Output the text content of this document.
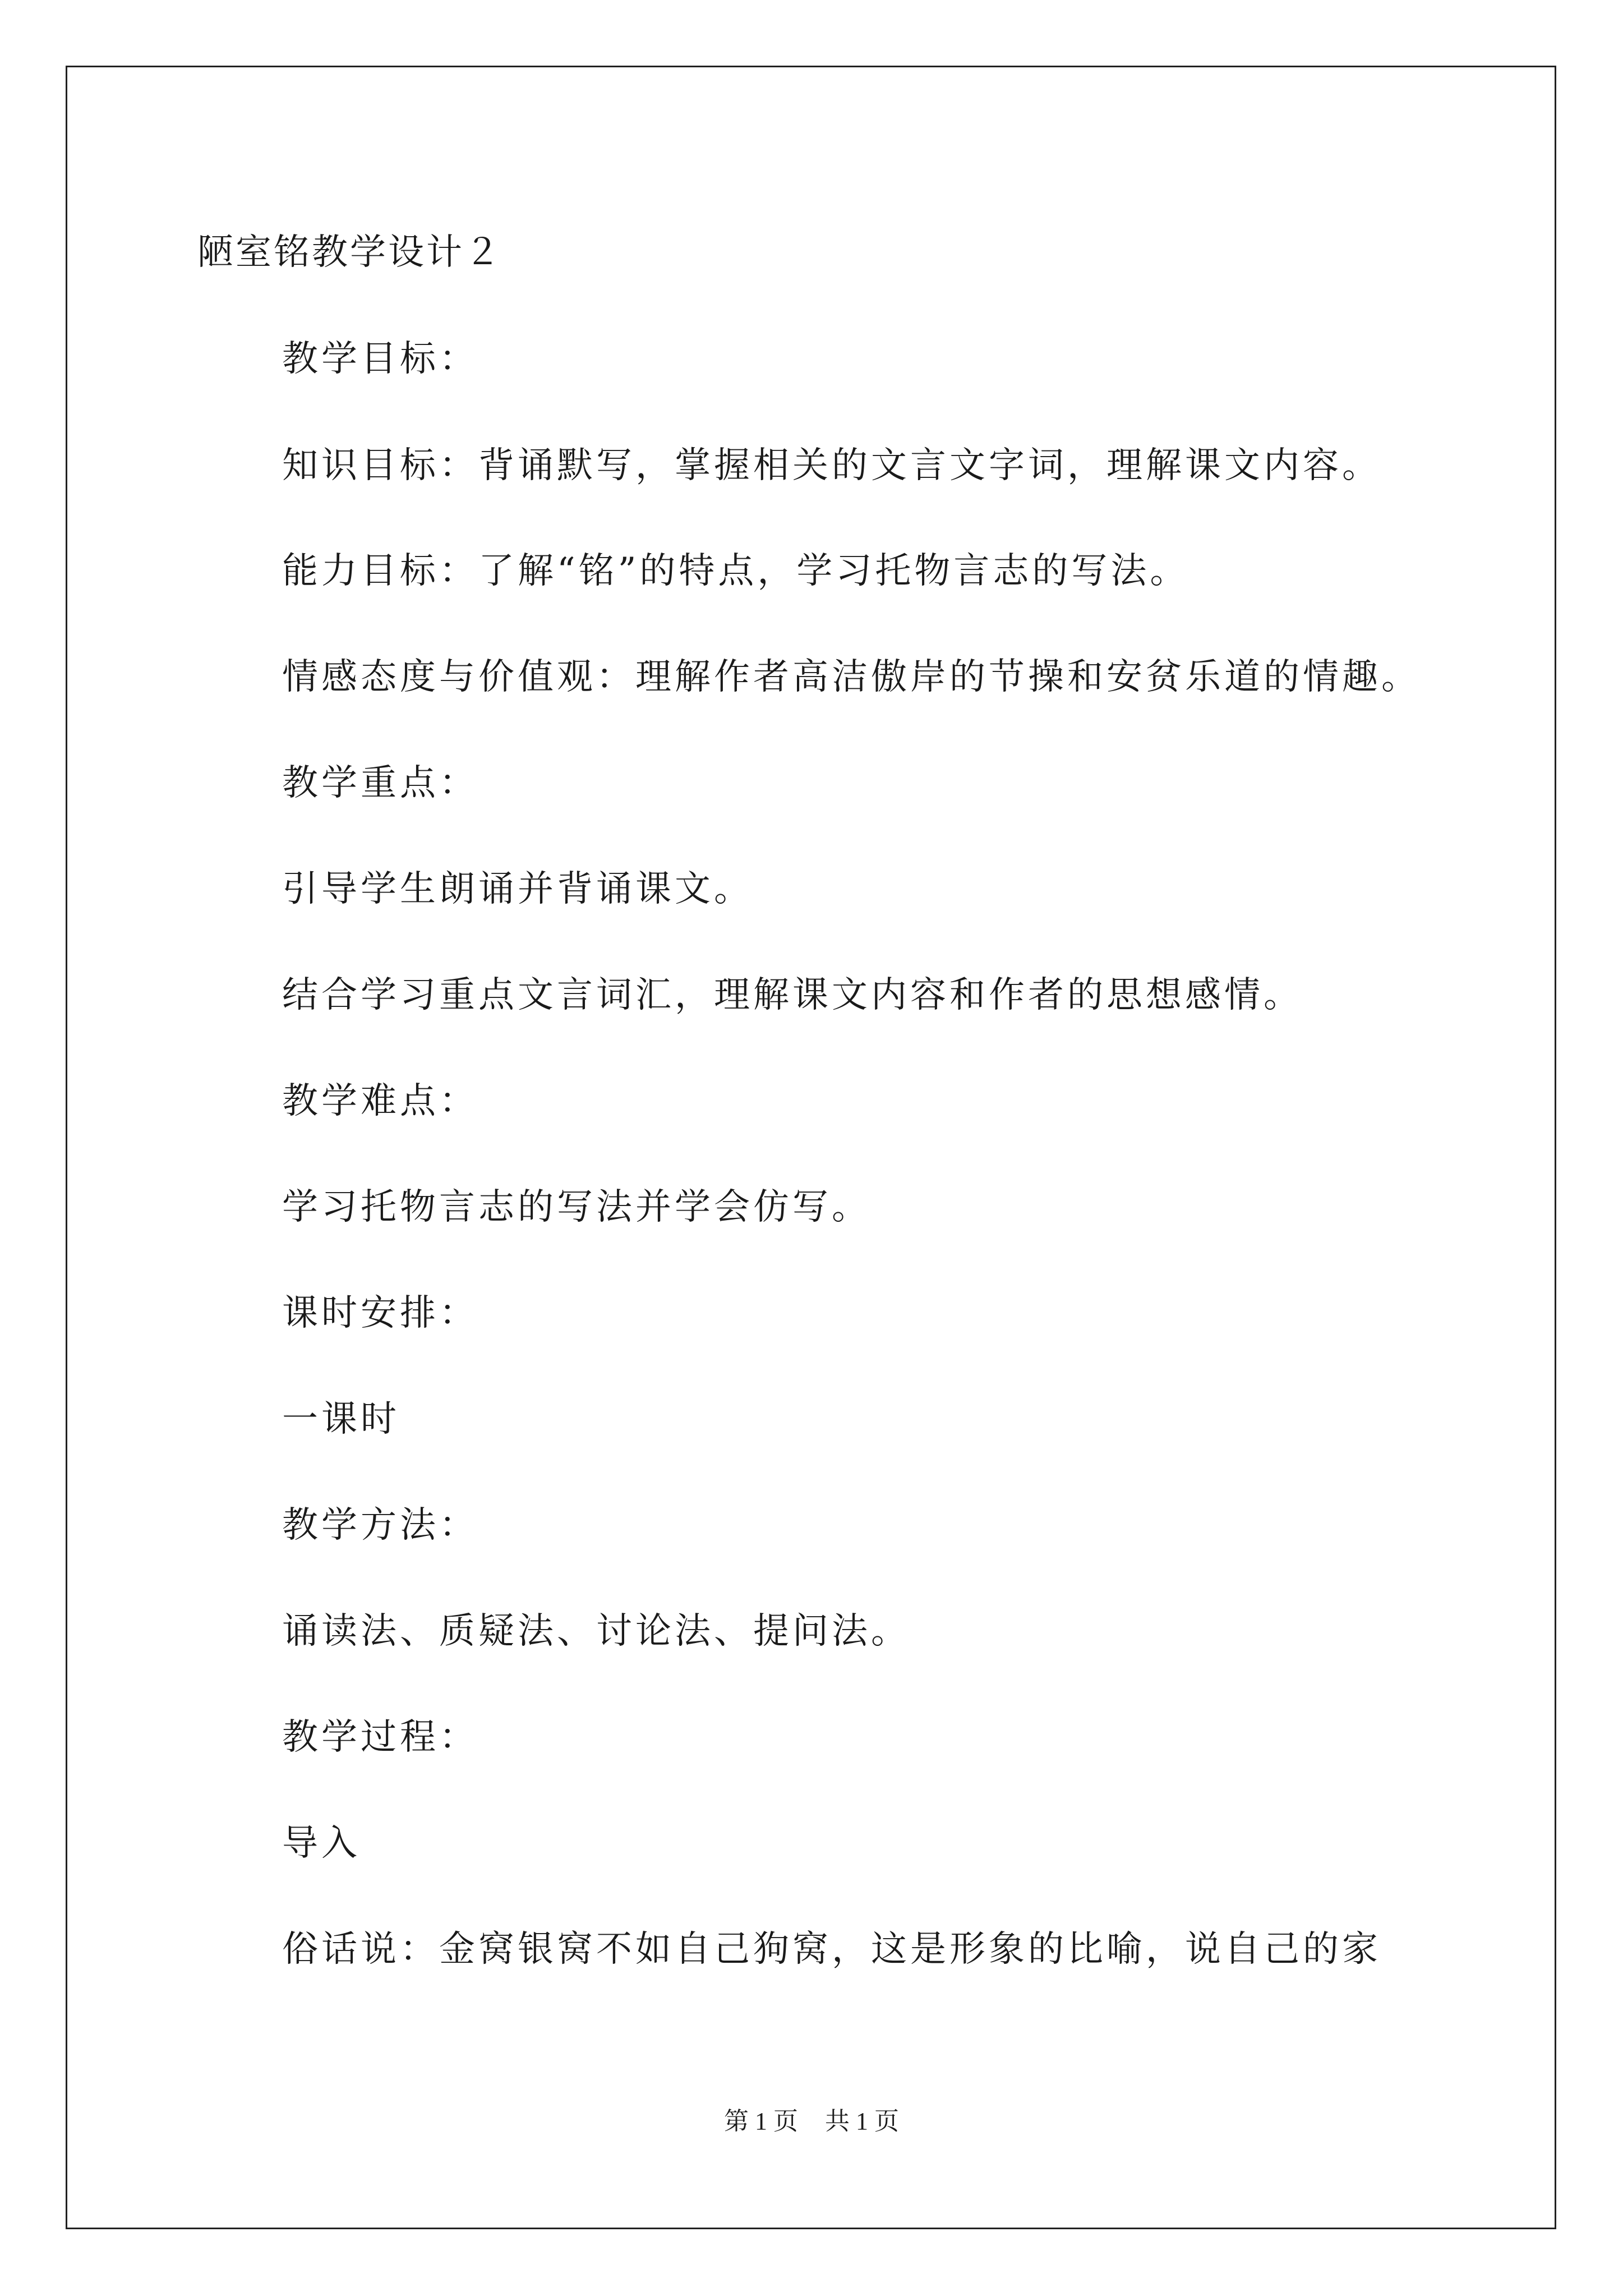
陋室铭教学设计２
教学目标：
知识目标：背诵默写，掌握相关的文言文字词，理解课文内容。
能力目标：了解“铭”的特点，学习托物言志的写法。
情感态度与价值观：理解作者高洁傲岸的节操和安贫乐道的情趣。
教学重点：
引导学生朗诵并背诵课文。
结合学习重点文言词汇，理解课文内容和作者的思想感情。
教学难点：
学习托物言志的写法并学会仿写。
课时安排：
一课时
教学方法：
诵读法、质疑法、讨论法、提问法。
教学过程：
导入
俗话说：金窝银窝不如自己狗窝，这是形象的比喻，说自己的家
第 1 页 共 1 页
